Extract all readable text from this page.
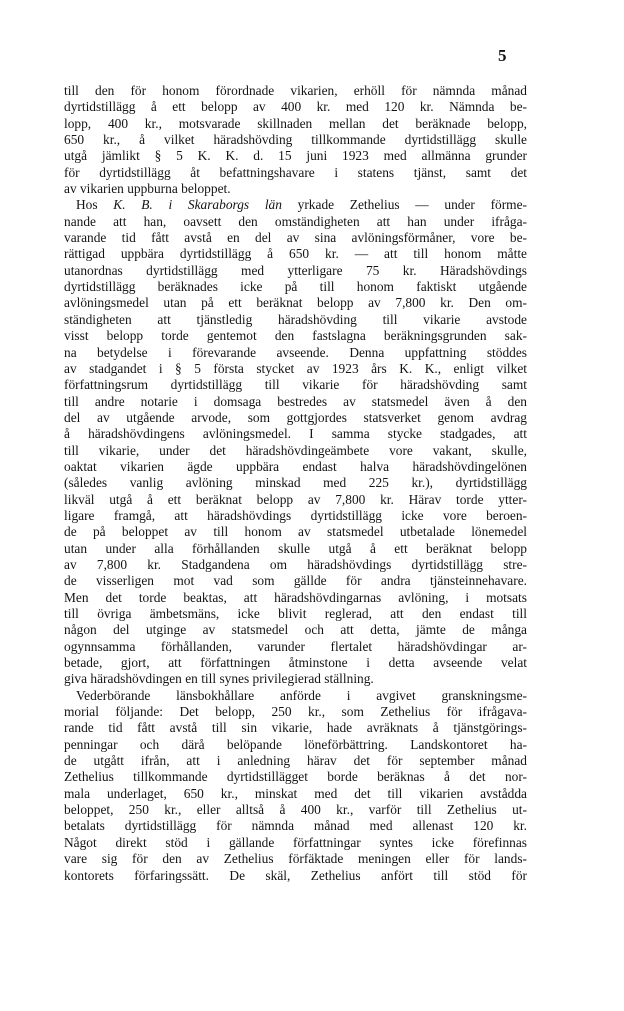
5
till den för honom förordnade vikarien, erhöll för nämnda månad
dyrtidstillägg å ett belopp av 400 kr. med 120 kr. Nämnda be-
lopp, 400 kr., motsvarade skillnaden mellan det beräknade belopp,
650 kr., å vilket häradshövding tillkommande dyrtidstillägg skulle
utgå jämlikt § 5 K. K. d. 15 juni 1923 med allmänna grunder
för dyrtidstillägg åt befattningshavare i statens tjänst, samt det
av vikarien uppburna beloppet.
Hos K. B. i Skaraborgs län yrkade Zethelius — under förme-
nande att han, oavsett den omständigheten att han under ifråga-
varande tid fått avstå en del av sina avlöningsförmåner, vore be-
rättigad uppbära dyrtidstillägg å 650 kr. — att till honom måtte
utanordnas dyrtidstillägg med ytterligare 75 kr. Häradshövdings
dyrtidstillägg beräknades icke på till honom faktiskt utgående
avlöningsmedel utan på ett beräknat belopp av 7,800 kr. Den om-
ständigheten att tjänstledig häradshövding till vikarie avstode
visst belopp torde gentemot den fastslagna beräkningsgrunden sak-
na betydelse i förevarande avseende. Denna uppfattning stöddes
av stadgandet i § 5 första stycket av 1923 års K. K., enligt vilket
författningsrum dyrtidstillägg till vikarie för häradshövding samt
till andre notarie i domsaga bestredes av statsmedel även å den
del av utgående arvode, som gottgjordes statsverket genom avdrag
å häradshövdingens avlöningsmedel. I samma stycke stadgades, att
till vikarie, under det häradshövdingeämbete vore vakant, skulle,
oaktat vikarien ägde uppbära endast halva häradshövdingelönen
(således vanlig avlöning minskad med 225 kr.), dyrtidstillägg
likväl utgå å ett beräknat belopp av 7,800 kr. Härav torde ytter-
ligare framgå, att häradshövdings dyrtidstillägg icke vore beroen-
de på beloppet av till honom av statsmedel utbetalade lönemedel
utan under alla förhållanden skulle utgå å ett beräknat belopp
av 7,800 kr. Stadgandena om häradshövdings dyrtidstillägg stre-
de visserligen mot vad som gällde för andra tjänsteinnehavare.
Men det torde beaktas, att häradshövdingarnas avlöning, i motsats
till övriga ämbetsmäns, icke blivit reglerad, att den endast till
någon del utginge av statsmedel och att detta, jämte de många
ogynnsamma förhållanden, varunder flertalet häradshövdingar ar-
betade, gjort, att författningen åtminstone i detta avseende velat
giva häradshövdingen en till synes privilegierad ställning.
Vederbörande länsbokhållare anförde i avgivet granskningsme-
morial följande: Det belopp, 250 kr., som Zethelius för ifrågava-
rande tid fått avstå till sin vikarie, hade avräknats å tjänstgörings-
penningar och därå belöpande löneförbättring. Landskontoret ha-
de utgått ifrån, att i anledning härav det för september månad
Zethelius tillkommande dyrtidstillägget borde beräknas å det nor-
mala underlaget, 650 kr., minskat med det till vikarien avstådda
beloppet, 250 kr., eller alltså å 400 kr., varför till Zethelius ut-
betalats dyrtidstillägg för nämnda månad med allenast 120 kr.
Något direkt stöd i gällande författningar syntes icke förefinnas
vare sig för den av Zethelius förfäktade meningen eller för lands-
kontorets förfaringssätt. De skäl, Zethelius anfört till stöd för
